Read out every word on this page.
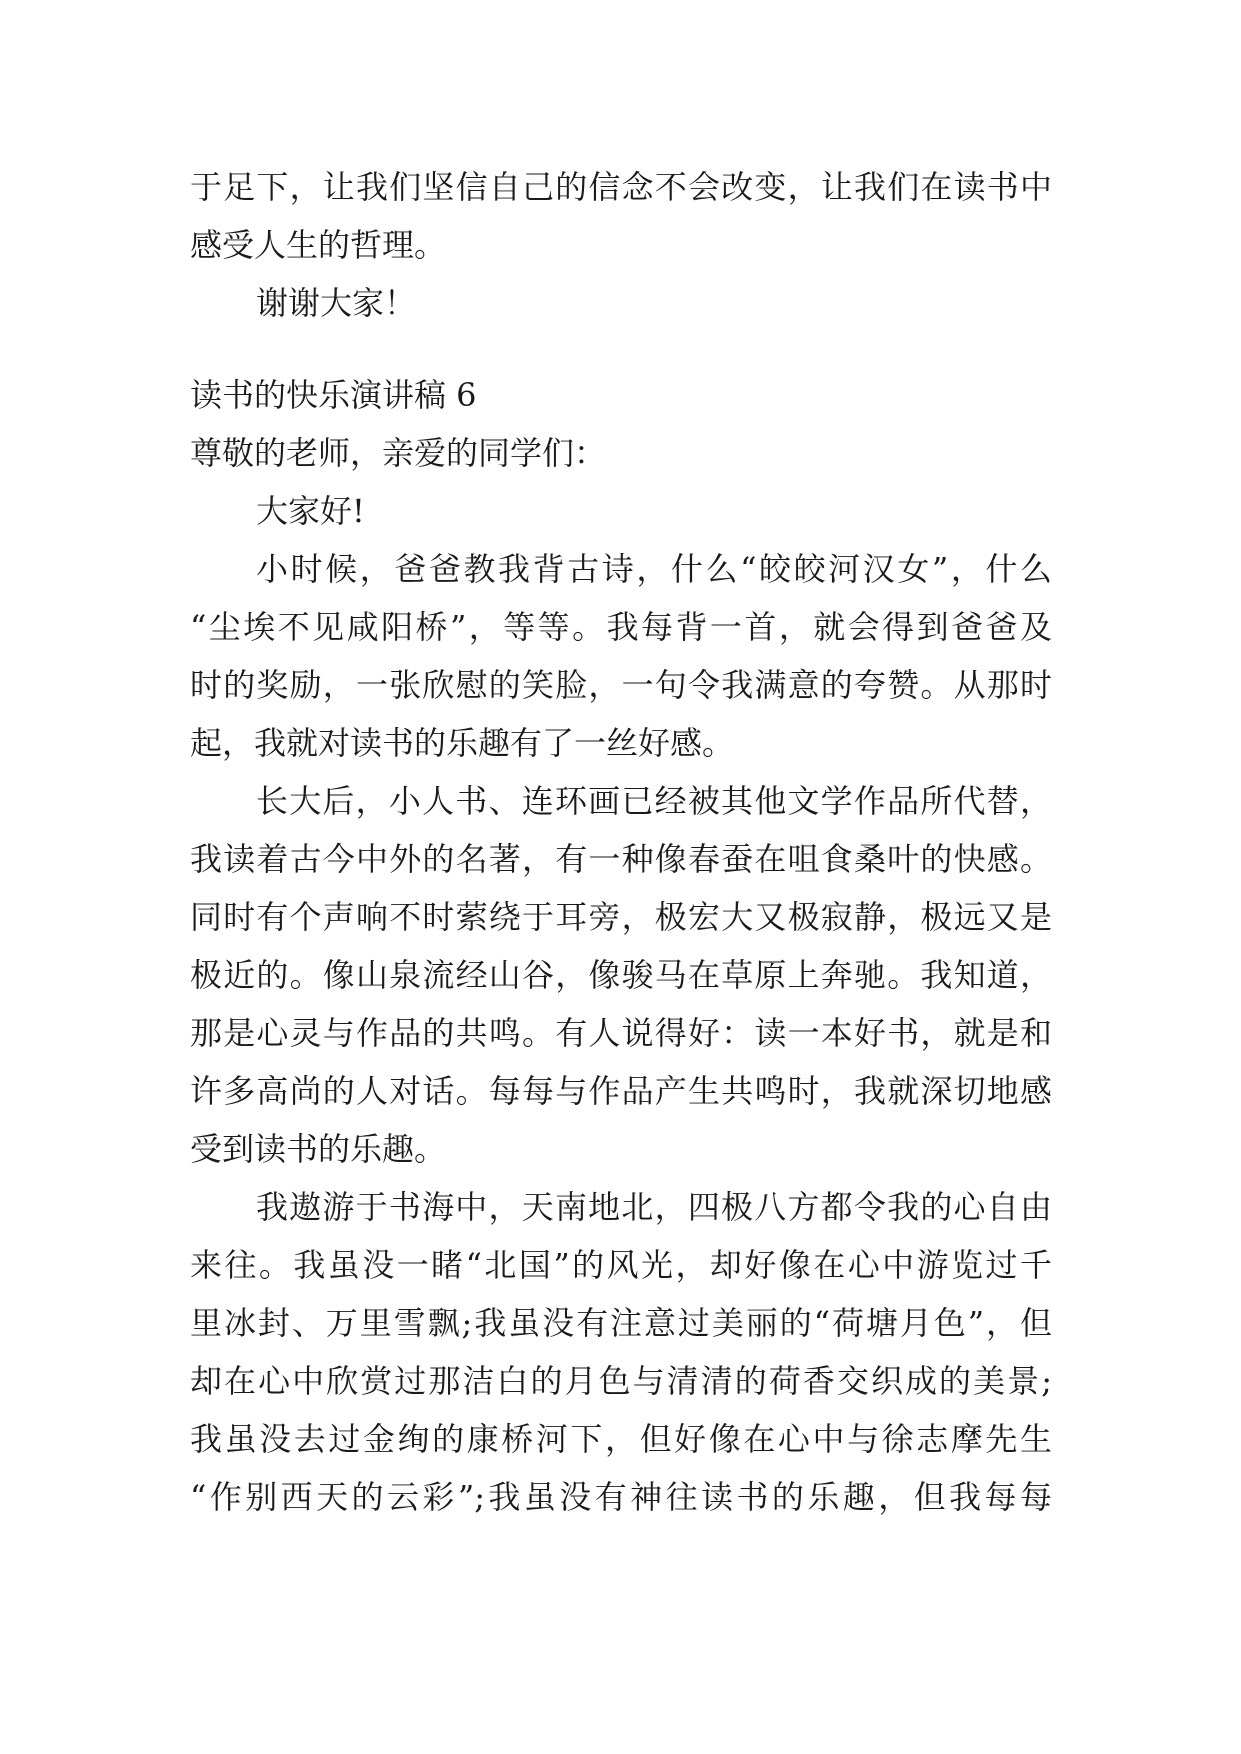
于足下，让我们坚信自己的信念不会改变，让我们在读书中
感受人生的哲理。
谢谢大家！
读书的快乐演讲稿 6
尊敬的老师，亲爱的同学们：
大家好!
小时候，爸爸教我背古诗，什么“皎皎河汉女”，什么
“尘埃不见咸阳桥”，等等。我每背一首，就会得到爸爸及
时的奖励，一张欣慰的笑脸，一句令我满意的夸赞。从那时
起，我就对读书的乐趣有了一丝好感。
长大后，小人书、连环画已经被其他文学作品所代替，
我读着古今中外的名著，有一种像春蚕在咀食桑叶的快感。
同时有个声响不时萦绕于耳旁，极宏大又极寂静，极远又是
极近的。像山泉流经山谷，像骏马在草原上奔驰。我知道，
那是心灵与作品的共鸣。有人说得好：读一本好书，就是和
许多高尚的人对话。每每与作品产生共鸣时，我就深切地感
受到读书的乐趣。
我遨游于书海中，天南地北，四极八方都令我的心自由
来往。我虽没一睹“北国”的风光，却好像在心中游览过千
里冰封、万里雪飘;我虽没有注意过美丽的“荷塘月色”，但
却在心中欣赏过那洁白的月色与清清的荷香交织成的美景;
我虽没去过金绚的康桥河下，但好像在心中与徐志摩先生
“作别西天的云彩”;我虽没有神往读书的乐趣，但我每每
